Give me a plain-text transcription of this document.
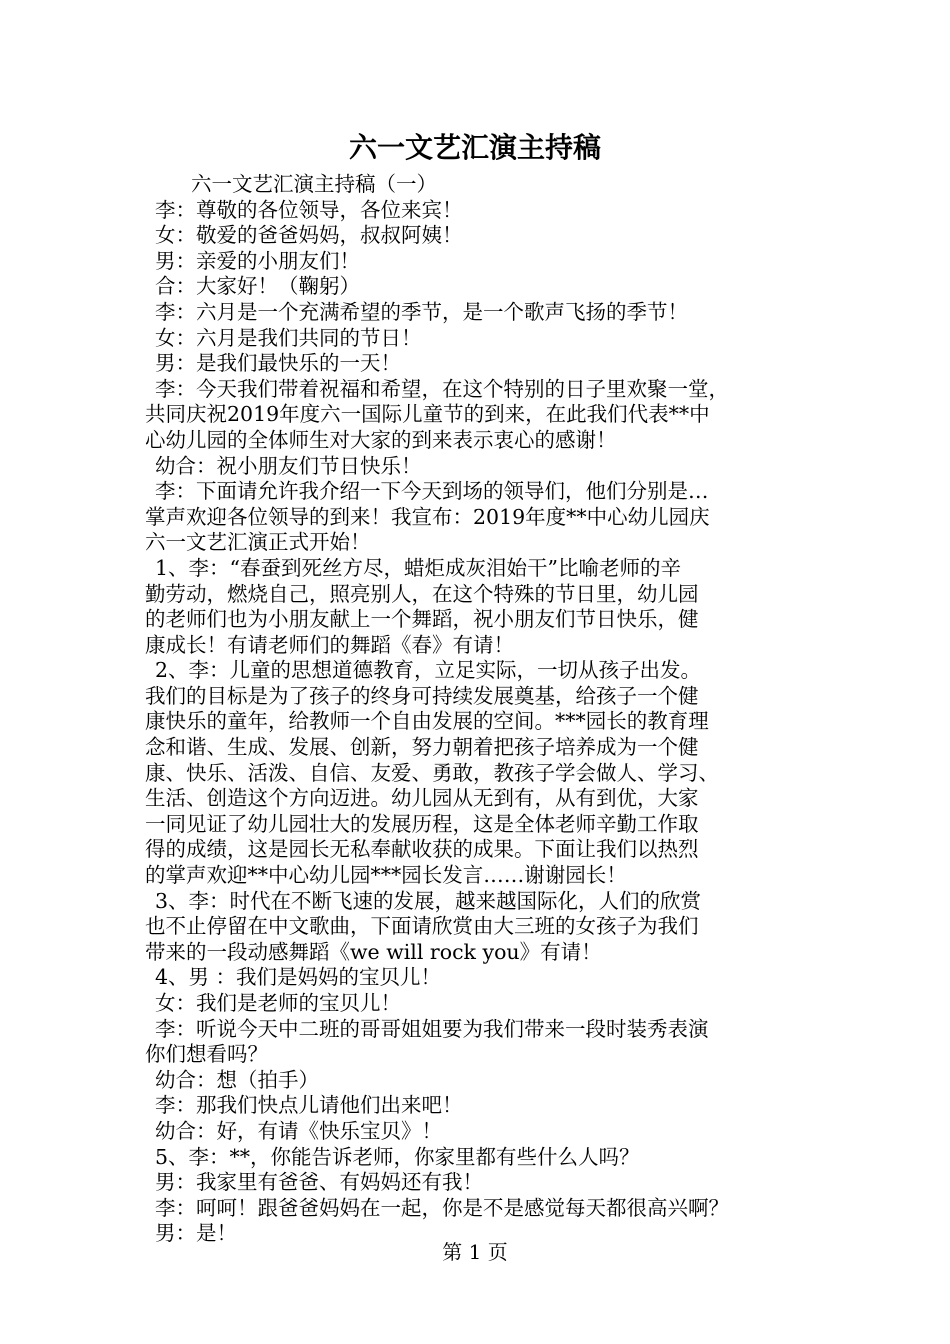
六一文艺汇演主持稿

六一文艺汇演主持稿（一）

李：尊敬的各位领导，各位来宾！

女：敬爱的爸爸妈妈，叔叔阿姨！

男：亲爱的小朋友们！

合：大家好！（鞠躬）

李：六月是一个充满希望的季节，是一个歌声飞扬的季节！

女：六月是我们共同的节日！

男：是我们最快乐的一天！

李：今天我们带着祝福和希望，在这个特别的日子里欢聚一堂，

共同庆祝2019年度六一国际儿童节的到来，在此我们代表**中

心幼儿园的全体师生对大家的到来表示衷心的感谢！

幼合：祝小朋友们节日快乐！

李：下面请允许我介绍一下今天到场的领导们，他们分别是…

掌声欢迎各位领导的到来！我宣布：2019年度**中心幼儿园庆

六一文艺汇演正式开始！

1、李：“春蚕到死丝方尽，蜡炬成灰泪始干”比喻老师的辛

勤劳动，燃烧自己，照亮别人，在这个特殊的节日里，幼儿园

的老师们也为小朋友献上一个舞蹈，祝小朋友们节日快乐，健

康成长！有请老师们的舞蹈《春》有请！

2、李：儿童的思想道德教育，立足实际，一切从孩子出发。

我们的目标是为了孩子的终身可持续发展奠基，给孩子一个健

康快乐的童年，给教师一个自由发展的空间。***园长的教育理

念和谐、生成、发展、创新，努力朝着把孩子培养成为一个健

康、快乐、活泼、自信、友爱、勇敢，教孩子学会做人、学习、

生活、创造这个方向迈进。幼儿园从无到有，从有到优，大家

一同见证了幼儿园壮大的发展历程，这是全体老师辛勤工作取

得的成绩，这是园长无私奉献收获的成果。下面让我们以热烈

的掌声欢迎**中心幼儿园***园长发言……谢谢园长！

3、李：时代在不断飞速的发展，越来越国际化，人们的欣赏

也不止停留在中文歌曲，下面请欣赏由大三班的女孩子为我们

带来的一段动感舞蹈《we will rock you》有请！

4、男 ：我们是妈妈的宝贝儿！

女：我们是老师的宝贝儿！

李：听说今天中二班的哥哥姐姐要为我们带来一段时装秀表演

你们想看吗？

幼合：想（拍手）

李：那我们快点儿请他们出来吧！

幼合：好，有请《快乐宝贝》！

5、李：**，你能告诉老师，你家里都有些什么人吗？

男：我家里有爸爸、有妈妈还有我！

李：呵呵！跟爸爸妈妈在一起，你是不是感觉每天都很高兴啊？

男：是！

第 1 页
